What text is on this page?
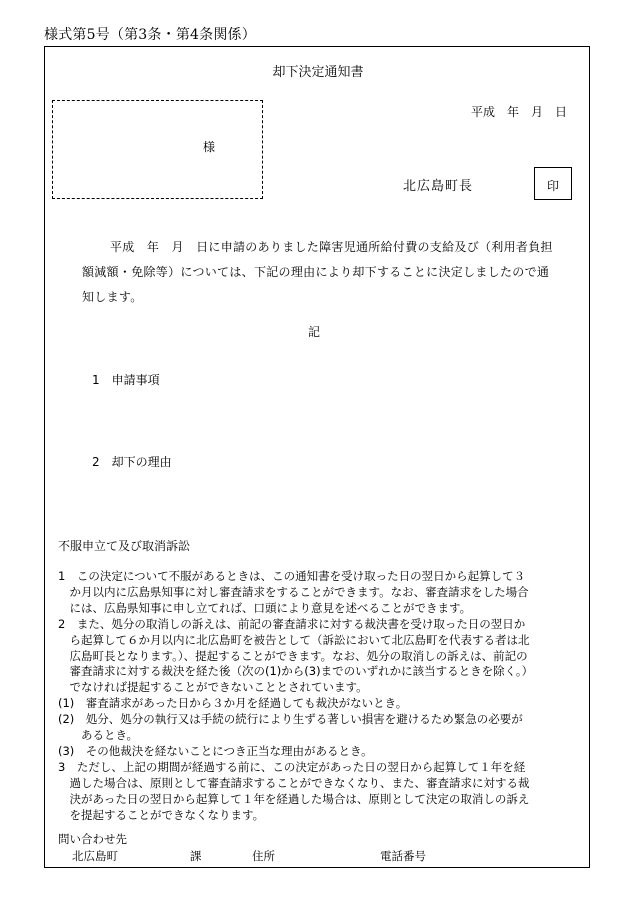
様式第5号（第3条・第4条関係）
却下決定通知書
平成　年　月　日
様
北広島町長	印

平成　年　月　日に申請のありました障害児通所給付費の支給及び（利用者負担

額減額・免除等）については、下記の理由により却下することに決定しましたので通

知します。

記
1　申請事項
2　却下の理由
不服申立て及び取消訴訟
1　この決定について不服があるときは、この通知書を受け取った日の翌日から起算して３
　か月以内に広島県知事に対し審査請求をすることができます。なお、審査請求をした場合
　には、広島県知事に申し立てれば、口頭により意見を述べることができます。
2　また、処分の取消しの訴えは、前記の審査請求に対する裁決書を受け取った日の翌日か
　ら起算して６か月以内に北広島町を被告として（訴訟において北広島町を代表する者は北
　広島町長となります。）、提起することができます。なお、処分の取消しの訴えは、前記の
　審査請求に対する裁決を経た後（次の(1)から(3)までのいずれかに該当するときを除く。）
　でなければ提起することができないこととされています。
(1)　審査請求があった日から３か月を経過しても裁決がないとき。
(2)　処分、処分の執行又は手続の続行により生ずる著しい損害を避けるため緊急の必要が
　　あるとき。
(3)　その他裁決を経ないことにつき正当な理由があるとき。
3　ただし、上記の期間が経過する前に、この決定があった日の翌日から起算して１年を経
　過した場合は、原則として審査請求することができなくなり、また、審査請求に対する裁
　決があった日の翌日から起算して１年を経過した場合は、原則として決定の取消しの訴え
　を提起することができなくなります。
問い合わせ先
北広島町	課	住所	電話番号
